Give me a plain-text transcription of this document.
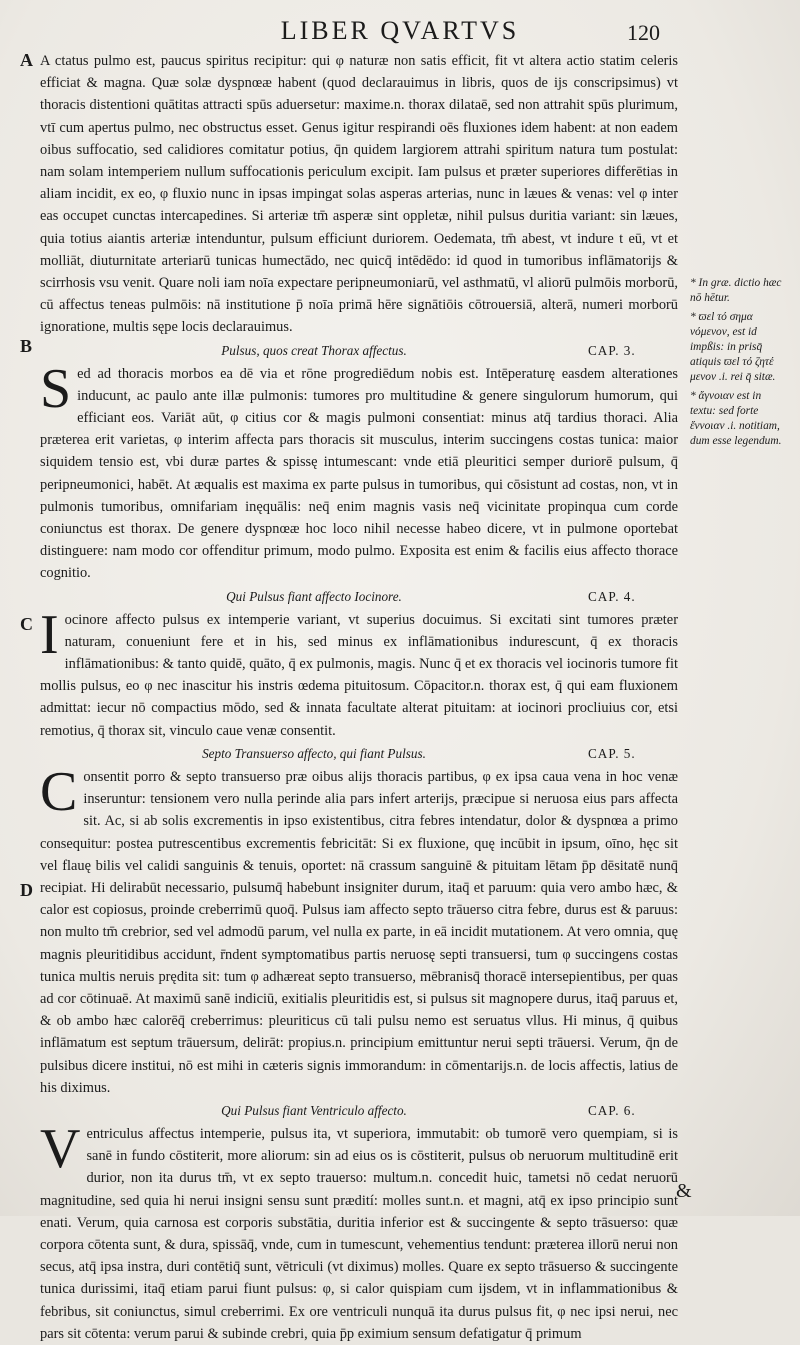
LIBER QVARTVS	120
A
B
C
D

A ctatus pulmo est, paucus spiritus recipitur: qui φ naturæ non satis efficit, fit vt altera actio statim celeris efficiat & magna. Quæ solæ dyspnœæ habent (quod declarauimus in libris, quos de ijs conscripsimus) vt thoracis distentioni quātitas attracti spūs aduersetur: maxime.n. thorax dilataē, sed non attrahit spūs plurimum, vtī cum apertus pulmo, nec obstructus esset. Genus igitur respirandi oēs fluxiones idem habent: at non eadem oibus suffocatio, sed calidiores comitatur potius, q̄n quidem largiorem attrahi spiritum natura tum postulat: nam solam intemperiem nullum suffocationis periculum excipit. Iam pulsus et præter superiores differētias in aliam incidit, ex eo, φ fluxio nunc in ipsas impingat solas asperas arterias, nunc in læues & venas: vel φ inter eas occupet cunctas intercapedines. Si arteriæ tm̄ asperæ sint oppletæ, nihil pulsus duritia variant: sin læues, quia totius aiantis arteriæ intenduntur, pulsum efficiunt duriorem. Oedemata, tm̄ abest, vt indure t eū, vt et molliāt, diuturnitate arteriarū tunicas humectādo, nec quicq̄ intēdēdo: id quod in tumoribus inflāmatorijs & scirrhosis vsu venit. Quare noli iam noīa expectare peripneumoniarū, vel asthmatū, vl aliorū pulmōis morborū, cū affectus teneas pulmōis: nā institutione p̄ noīa primā hēre signātiōis cōtrouersiā, alterā, numeri morborū ignoratione, multis sępe locis declarauimus.

Pulsus, quos creat Thorax affectus.	CAP. 3.
S ed ad thoracis morbos ea dē via et rōne progrediēdum nobis est. Intēperaturę easdem alterationes inducunt, ac paulo ante illæ pulmonis: tumores pro multitudine & genere singulorum humorum, qui efficiant eos. Variāt aūt, φ citius cor & magis pulmoni consentiat: minus atq̄ tardius thoraci. Alia præterea erit varietas, φ interim affecta pars thoracis sit musculus, interim succingens costas tunica: maior siquidem tensio est, vbi duræ partes & spissę intumescant: vnde etiā pleuritici semper duriorē pulsum, q̄ peripneumonici, habēt. At æqualis est maxima ex parte pulsus in tumoribus, qui cōsistunt ad costas, non, vt in pulmonis tumoribus, omnifariam inęquālis: neq̄ enim magnis vasis neq̄ vicinitate propinqua cum corde coniunctus est thorax. De genere dyspnœæ hoc loco nihil necesse habeo dicere, vt in pulmone oportebat distinguere: nam modo cor offenditur primum, modo pulmo. Exposita est enim & facilis eius affecto thorace cognitio.

Qui Pulsus fiant affecto Iocinore.	CAP. 4.
I ocinore affecto pulsus ex intemperie variant, vt superius docuimus. Si excitati sint tumores præter naturam, conueniunt fere et in his, sed minus ex inflāmationibus indurescunt, q̄ ex thoracis inflāmationibus: & tanto quidē, quāto, q̄ ex pulmonis, magis. Nunc q̄ et ex thoracis vel iocinoris tumore fit mollis pulsus, eo φ nec inascitur his instris œdema pituitosum. Cōpacitor.n. thorax est, q̄ qui eam fluxionem admittat: iecur nō compactius mōdo, sed & innata facultate alterat pituitam: at iocinori procliuius cor, etsi remotius, q̄ thorax sit, vinculo caue venæ consentit.

Septo Transuerso affecto, qui fiant Pulsus.	CAP. 5.
C onsentit porro & septo transuerso præ oibus alijs thoracis partibus, φ ex ipsa caua vena in hoc venæ inseruntur: tensionem vero nulla perinde alia pars infert arterijs, præcipue si neruosa eius pars affecta sit. Ac, si ab solis excrementis in ipso existentibus, citra febres intendatur, dolor & dyspnœa a primo consequitur: postea putrescentibus excrementis febricitāt: Si ex fluxione, quę incūbit in ipsum, oīno, hęc sit vel flauę bilis vel calidi sanguinis & tenuis, oportet: nā crassum sanguinē & pituitam lētam p̄p dēsitatē nunq̄ recipiat. Hi delirabūt necessario, pulsumq̄ habebunt insigniter durum, itaq̄ et paruum: quia vero ambo hæc, & calor est copiosus, proinde creberrimū quoq̄. Pulsus iam affecto septo trāuerso citra febre, durus est & paruus: non multo tm̄ crebrior, sed vel admodū parum, vel nulla ex parte, in eā incidit mutationem. At vero omnia, quę magnis pleuritidibus accidunt, r̄ndent symptomatibus partis neruosę septi transuersi, tum φ succingens costas tunica multis neruis prędita sit: tum φ adhæreat septo transuerso, mēbranisq̄ thoracē intersepientibus, per quas ad cor cōtinuaē. At maximū sanē indiciū, exitialis pleuritidis est, si pulsus sit magnopere durus, itaq̄ paruus et, & ob ambo hæc calorēq̄ creberrimus: pleuriticus cū tali pulsu nemo est seruatus vllus. Hi minus, q̄ quibus inflāmatum est septum trāuersum, delirāt: propius.n. principium emittuntur nerui septi trāuersi. Verum, q̄n de pulsibus dicere institui, nō est mihi in cæteris signis immorandum: in cōmentarijs.n. de locis affectis, latius de his diximus.

Qui Pulsus fiant Ventriculo affecto.	CAP. 6.
V entriculus affectus intemperie, pulsus ita, vt superiora, immutabit: ob tumorē vero quempiam, si is sanē in fundo cōstiterit, more aliorum: sin ad eius os is cōstiterit, pulsus ob neruorum multitudinē erit durior, non ita durus tm̄, vt ex septo trauerso: multum.n. concedit huic, tametsi nō cedat neruorū magnitudine, sed quia hi nerui insigni sensu sunt prædití: molles sunt.n. et magni, atq̄ ex ipso principio sunt enati. Verum, quia carnosa est corporis substātia, duritia inferior est & succingente & septo trāsuerso: quæ corpora cōtenta sunt, & dura, spissāq̄, vnde, cum in tumescunt, vehementius tendunt: præterea illorū nerui non secus, atq̄ ipsa instra, duri contētiq̄ sunt, vētriculi (vt diximus) molles. Quare ex septo trāsuerso & succingente tunica durissimi, itaq̄ etiam parui fiunt pulsus: φ, si calor quispiam cum ijsdem, vt in inflammationibus & febribus, sit coniunctus, simul creberrimi. Ex ore ventriculi nunquā ita durus pulsus fit, φ nec ipsi nerui, nec pars sit cōtenta: verum parui & subinde crebri, quia p̄p eximium sensum defatigatur q̄ primum

* In græ. dictio hæc nō hētur.

* ϖεl τό σημα νόμενον, est id impßis: in prisq̄ atiquis ϖεl τό ζητέ μενον .i. rei q̄ sitæ.

* ἄγνοιαν est in textu: sed forte ἔννοιαν .i. notitiam, dum esse legendum.

&
